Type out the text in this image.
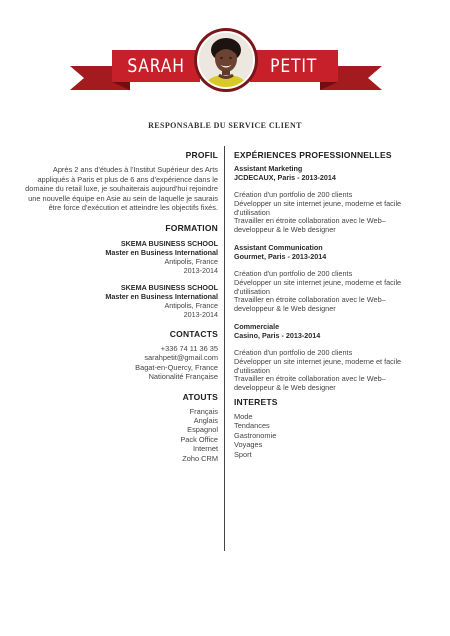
SARAH	PETIT
RESPONSABLE DU SERVICE CLIENT
PROFIL

Après 2 ans d'études à l'Institut Supérieur des Arts appliqués à Paris et plus de 6 ans d'expérience dans le domaine du retail luxe, je souhaiterais aujourd'hui rejoindre une nouvelle équipe en Asie au sein de laquelle je saurais être force d'exécution et atteindre les objectifs fixés.

FORMATION
SKEMA BUSINESS SCHOOL
Master en Business International
Antipolis, France
2013-2014
SKEMA BUSINESS SCHOOL
Master en Business International
Antipolis, France
2013-2014
CONTACTS
+336 74 11 36 35
sarahpetit@gmail.com
Bagat-en-Quercy, France
Nationalité Française
ATOUTS
Français
Anglais
Espagnol
Pack Office
Internet
Zoho CRM
EXPÉRIENCES PROFESSIONNELLES
Assistant Marketing
JCDECAUX, Paris - 2013-2014
Création d'un portfolio de 200 clients
Développer un site internet jeune, moderne et facile
d'utilisation
Travailler en étroite collaboration avec le Web–
developpeur & le Web designer
Assistant Communication
Gourmet, Paris - 2013-2014
Création d'un portfolio de 200 clients
Développer un site internet jeune, moderne et facile
d'utilisation
Travailler en étroite collaboration avec le Web–
developpeur & le Web designer
Commerciale
Casino, Paris - 2013-2014
Création d'un portfolio de 200 clients
Développer un site internet jeune, moderne et facile
d'utilisation
Travailler en étroite collaboration avec le Web–
developpeur & le Web designer
INTERETS
Mode
Tendances
Gastronomie
Voyages
Sport
